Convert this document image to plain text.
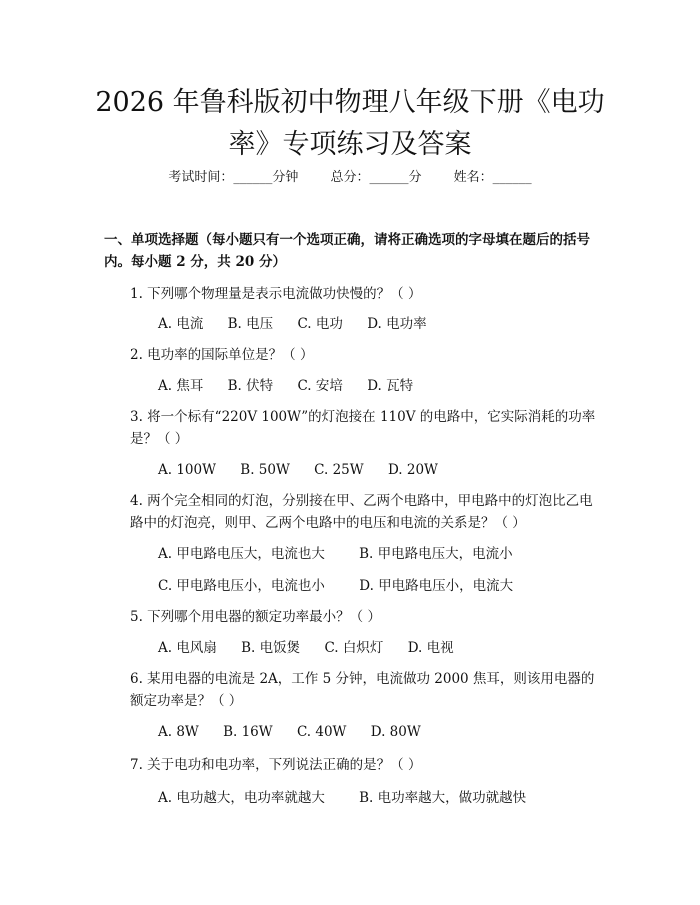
2026 年鲁科版初中物理八年级下册《电功
率》专项练习及答案
考试时间：______分钟 总分：______分 姓名：______
一、单项选择题（每小题只有一个选项正确，请将正确选项的字母填在题后的括号内。每小题 2 分，共 20 分）
1. 下列哪个物理量是表示电流做功快慢的？（ ）
A. 电流 B. 电压 C. 电功 D. 电功率
2. 电功率的国际单位是？（ ）
A. 焦耳 B. 伏特 C. 安培 D. 瓦特
3. 将一个标有“220V 100W”的灯泡接在 110V 的电路中，它实际消耗的功率是？（ ）
A. 100W B. 50W C. 25W D. 20W
4. 两个完全相同的灯泡，分别接在甲、乙两个电路中，甲电路中的灯泡比乙电路中的灯泡亮，则甲、乙两个电路中的电压和电流的关系是？（ ）
A. 甲电路电压大，电流也大	B. 甲电路电压大，电流小
C. 甲电路电压小，电流也小	D. 甲电路电压小，电流大
5. 下列哪个用电器的额定功率最小？（ ）
A. 电风扇 B. 电饭煲 C. 白炽灯 D. 电视
6. 某用电器的电流是 2A，工作 5 分钟，电流做功 2000 焦耳，则该用电器的额定功率是？（ ）
A. 8W B. 16W C. 40W D. 80W
7. 关于电功和电功率，下列说法正确的是？（ ）
A. 电功越大，电功率就越大	B. 电功率越大，做功就越快
